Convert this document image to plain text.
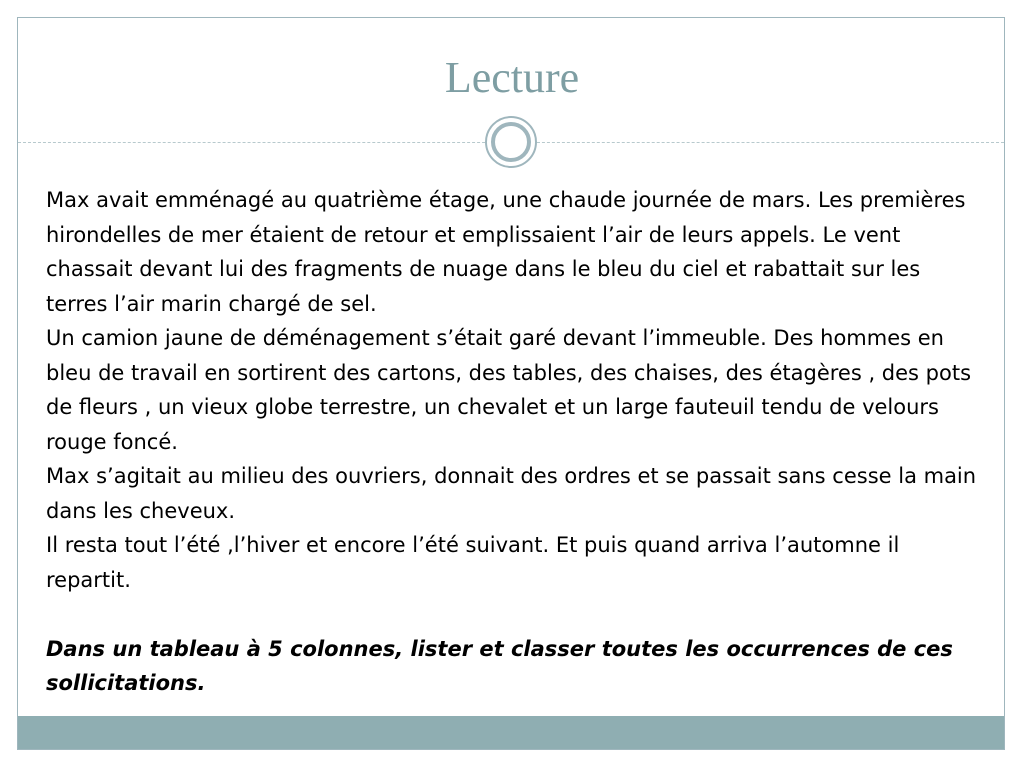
Lecture

Max avait emménagé au quatrième étage, une chaude journée de mars. Les premières hirondelles de mer étaient de retour et emplissaient l’air de leurs appels. Le vent chassait devant lui des fragments de nuage dans le bleu du ciel et rabattait sur les terres l’air marin chargé de sel.

Un camion jaune de déménagement s’était garé devant l’immeuble. Des hommes en bleu de travail en sortirent des cartons, des tables, des chaises, des étagères , des pots de fleurs , un vieux globe terrestre, un chevalet et un large fauteuil tendu de velours rouge foncé.

Max s’agitait au milieu des ouvriers, donnait des ordres et se passait sans cesse la main dans les cheveux.

Il resta tout l’été ,l’hiver et encore l’été suivant. Et puis quand arriva l’automne il repartit.

Dans un tableau à 5 colonnes, lister et classer toutes les occurrences de ces sollicitations.
